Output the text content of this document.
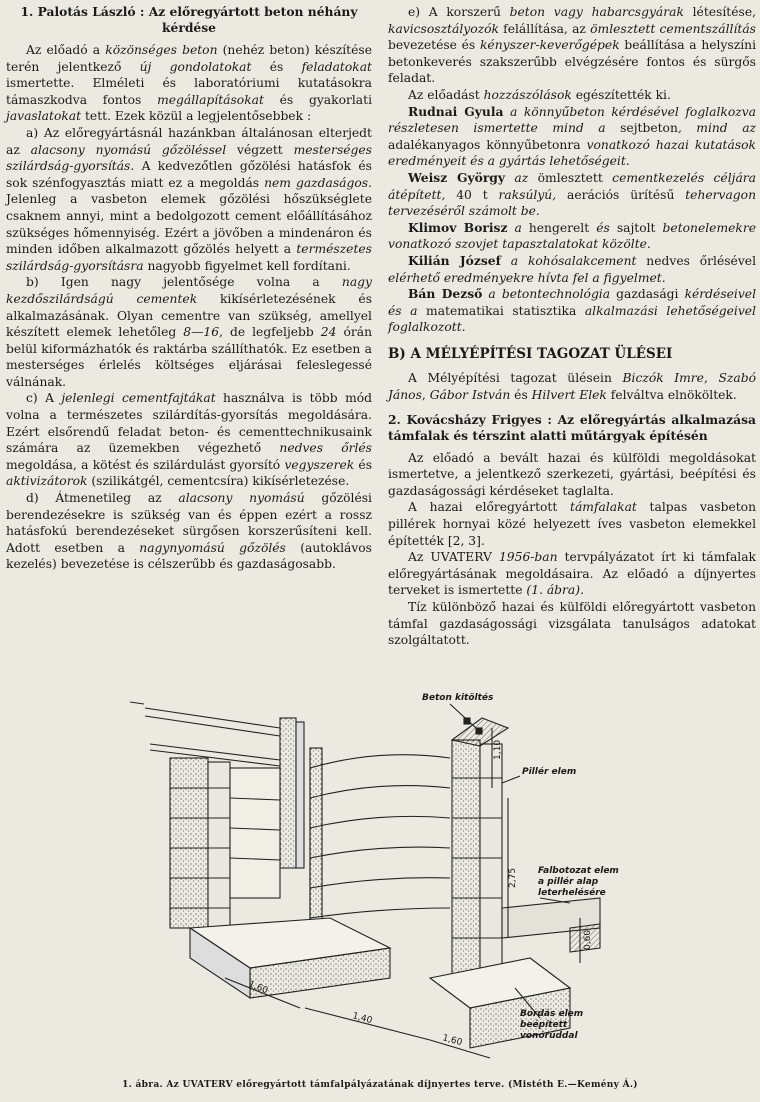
1. Palotás László : Az előregyártott beton néhány kérdése

Az előadó a közönséges beton (nehéz beton) készítése terén jelentkező új gondolatokat és feladatokat ismertette. Elméleti és laboratóriumi kutatásokra támaszkodva fontos megállapításokat és gyakorlati javaslatokat tett. Ezek közül a legjelentősebbek :

a) Az előregyártásnál hazánkban általánosan elterjedt az alacsony nyomású gőzöléssel végzett mesterséges szilárdság-gyorsítás. A kedvezőtlen gőzölési hatásfok és sok szénfogyasztás miatt ez a megoldás nem gazdaságos. Jelenleg a vasbeton elemek gőzölési hőszükséglete csaknem annyi, mint a bedolgozott cement előállításához szükséges hőmennyiség. Ezért a jövőben a mindenáron és minden időben alkalmazott gőzölés helyett a természetes szilárdság-gyorsításra nagyobb figyelmet kell fordítani.

b) Igen nagy jelentősége volna a nagy kezdőszilárdságú cementek kikísérletezésének és alkalmazásának. Olyan cementre van szükség, amellyel készített elemek lehetőleg 8—16, de legfeljebb 24 órán belül kiformázhatók és raktárba szállíthatók. Ez esetben a mesterséges érlelés költséges eljárásai feleslegessé válnának.

c) A jelenlegi cementfajtákat használva is több mód volna a természetes szilárdítás-gyorsítás megoldására. Ezért elsőrendű feladat beton- és cementtechnikusaink számára az üzemekben végezhető nedves őrlés megoldása, a kötést és szilárdulást gyorsító vegyszerek és aktivizátorok (szilikátgél, cementcsíra) kikísérletezése.

d) Átmenetileg az alacsony nyomású gőzölési berendezésekre is szükség van és éppen ezért a rossz hatásfokú berendezéseket sürgősen korszerűsíteni kell. Adott esetben a nagynyomású gőzölés (autoklávos kezelés) bevezetése is célszerűbb és gazdaságosabb.

e) A korszerű beton vagy habarcsgyárak létesítése, kavicsosztályozók felállítása, az ömlesztett cementszállítás bevezetése és kényszer-keverőgépek beállítása a helyszíni betonkeverés szakszerűbb elvégzésére fontos és sürgős feladat.

Az előadást hozzászólások egészítették ki.

Rudnai Gyula a könnyűbeton kérdésével foglalkozva részletesen ismertette mind a sejtbeton, mind az adalékanyagos könnyűbetonra vonatkozó hazai kutatások eredményeit és a gyártás lehetőségeit.

Weisz György az ömlesztett cementkezelés céljára átépített, 40 t raksúlyú, aerációs ürítésű tehervagon tervezéséről számolt be.

Klimov Borisz a hengerelt és sajtolt betonelemekre vonatkozó szovjet tapasztalatokat közölte.

Kilián József a kohósalakcement nedves őrlésével elérhető eredményekre hívta fel a figyelmet.

Bán Dezső a betontechnológia gazdasági kérdéseivel és a matematikai statisztika alkalmazási lehetőségeivel foglalkozott.

B) A MÉLYÉPÍTÉSI TAGOZAT ÜLÉSEI

A Mélyépítési tagozat ülésein Biczók Imre, Szabó János, Gábor István és Hilvert Elek felváltva elnököltek.

2. Kovácsházy Frigyes : Az előregyártás alkalmazása támfalak és térszint alatti műtárgyak építésén

Az előadó a bevált hazai és külföldi megoldásokat ismertetve, a jelentkező szerkezeti, gyártási, beépítési és gazdaságossági kérdéseket taglalta.

A hazai előregyártott támfalakat talpas vasbeton pillérek hornyai közé helyezett íves vasbeton elemekkel építették [2, 3].

Az UVATERV 1956-ban tervpályázatot írt ki támfalak előregyártásának megoldásaira. Az előadó a díjnyertes terveket is ismertette (1. ábra).

Tíz különböző hazai és külföldi előregyártott vasbeton támfal gazdaságossági vizsgálata tanulságos adatokat szolgáltatott.

Beton kitöltés
Pillér elem
Falbotozat elem
a pillér alap
leterhelésére
Bordás elem
beépített
vonórúddal
1,60
1,40
1,60
2,75
1,10
0,60
1. ábra. Az UVATERV előregyártott támfalpályázatának díjnyertes terve. (Mistéth E.—Kemény Á.)
